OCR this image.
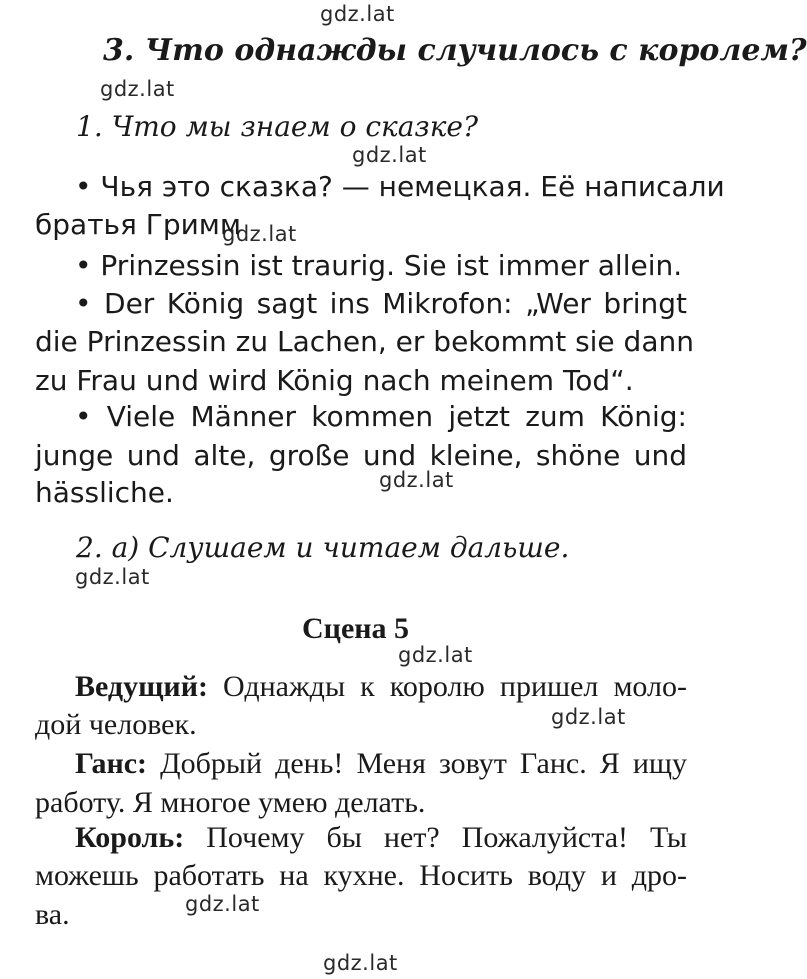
gdz.lat
gdz.lat
gdz.lat
gdz.lat
gdz.lat
gdz.lat
gdz.lat
gdz.lat
gdz.lat
gdz.lat
3. Что однажды случилось с королем?
1. Что мы знаем о сказке?
• Чья это сказка? — немецкая. Её написали
братья Гримм
• Prinzessin ist traurig. Sie ist immer allein.
• Der König sagt ins Mikrofon: „Wer bringt
die Prinzessin zu Lachen, er bekommt sie dann
zu Frau und wird König nach meinem Tod“.
• Viele Männer kommen jetzt zum König:
junge und alte, große und kleine, shöne und
hässliche.
2. а) Слушаем и читаем дальше.
Сцена 5
Ведущий: Однажды к королю пришел моло-
дой человек.
Ганс: Добрый день! Меня зовут Ганс. Я ищу
работу. Я многое умею делать.
Король: Почему бы нет? Пожалуйста! Ты
можешь работать на кухне. Носить воду и дро-
ва.
